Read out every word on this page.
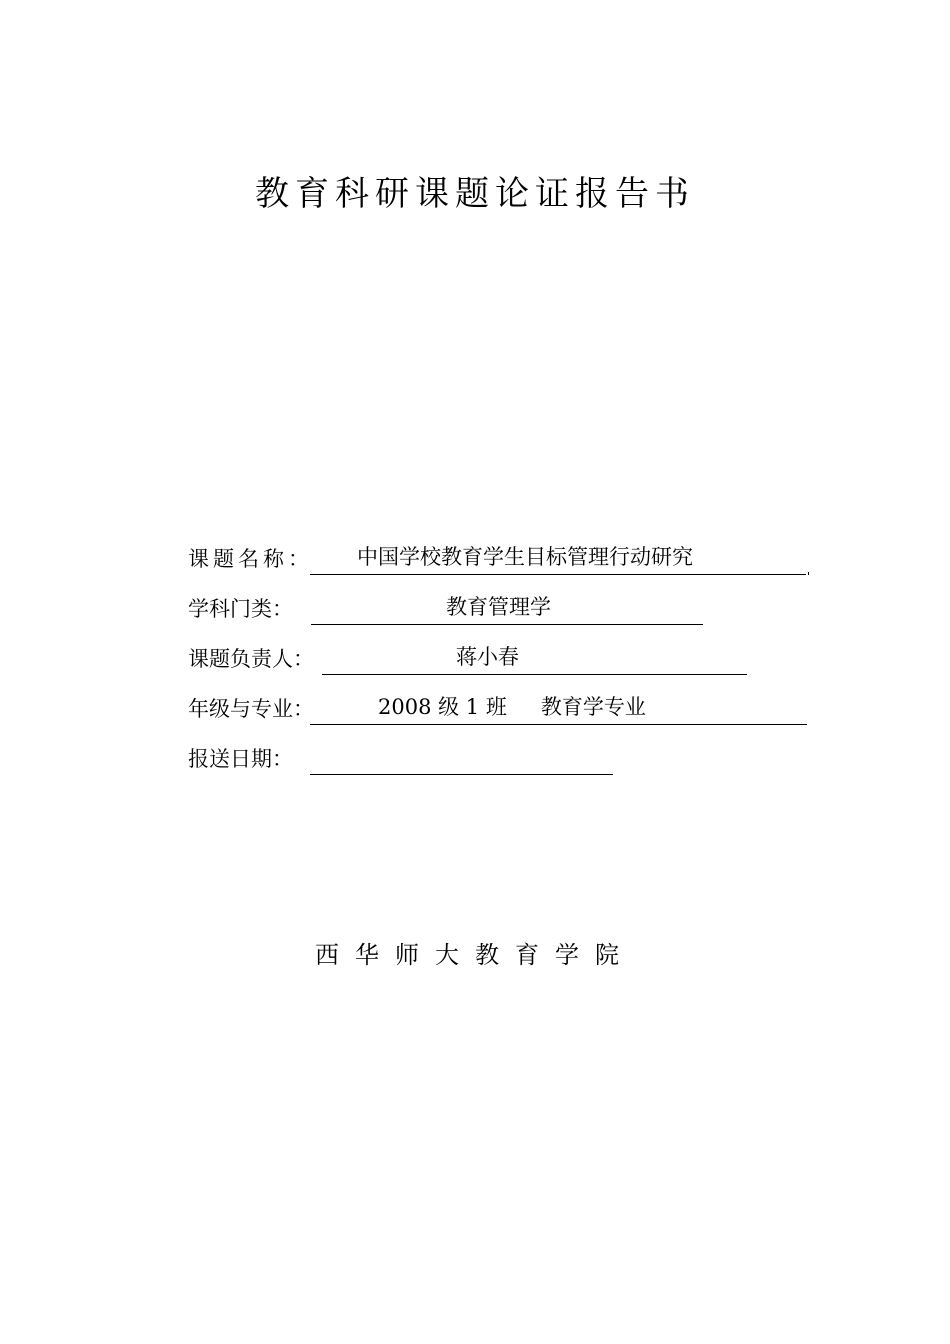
教育科研课题论证报告书
课题名称： 中国学校教育学生目标管理行动研究
学科门类：	教育管理学
课题负责人：	蒋小春
年级与专业：	2008 级 1 班 教育学专业
报送日期：

西华师大教育学院
